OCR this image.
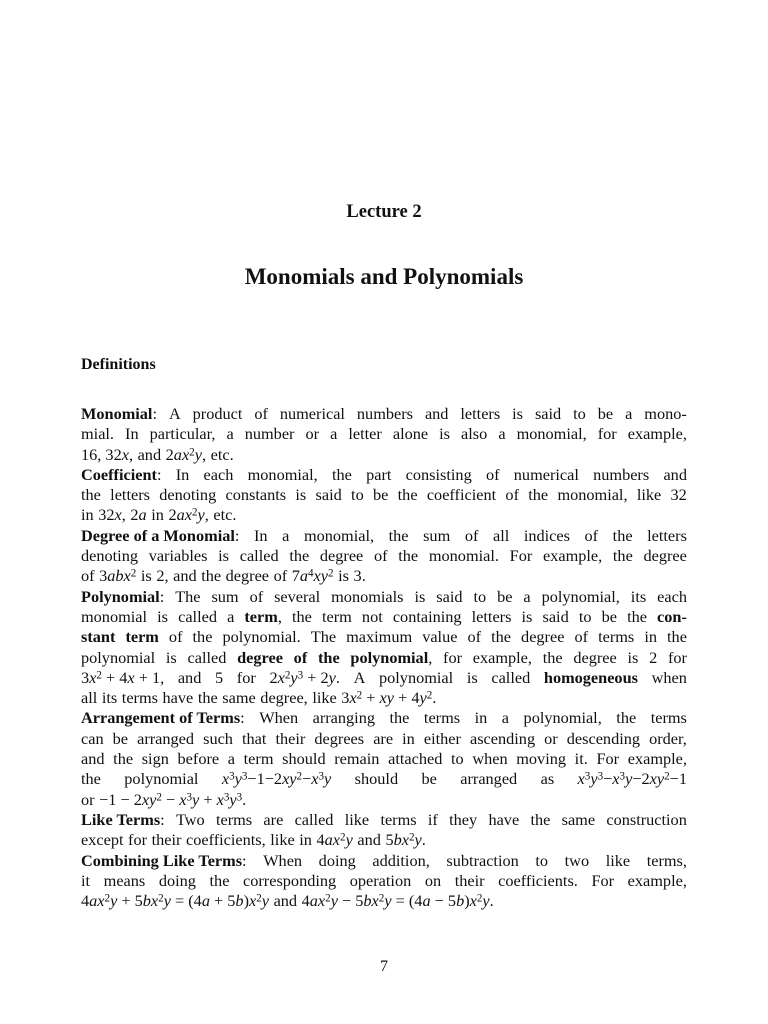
Lecture 2
Monomials and Polynomials
Definitions
Monomial: A product of numerical numbers and letters is said to be a mono-
mial. In particular, a number or a letter alone is also a monomial, for example,
16, 32x, and $2ax^2y$, etc.
Coefficient: In each monomial, the part consisting of numerical numbers and
the letters denoting constants is said to be the coefficient of the monomial, like 32
in 32x, 2a in $2ax^2y$, etc.
Degree of a Monomial: In a monomial, the sum of all indices of the letters
denoting variables is called the degree of the monomial. For example, the degree
of 3abx$^2$ is 2, and the degree of $7a^4xy^2$ is 3.
Polynomial: The sum of several monomials is said to be a polynomial, its each
monomial is called a term, the term not containing letters is said to be the con-
stant term of the polynomial. The maximum value of the degree of terms in the
polynomial is called degree of the polynomial, for example, the degree is 2 for
$3x^2 + 4x + 1$, and 5 for $2x^2y^3 + 2y$. A polynomial is called homogeneous when
all its terms have the same degree, like $3x^2$ + xy + $4y^2$.
Arrangement of Terms: When arranging the terms in a polynomial, the terms
can be arranged such that their degrees are in either ascending or descending order,
and the sign before a term should remain attached to when moving it. For example,
the polynomial $x^3y^3-1-2xy^2-x^3y$ should be arranged as $x^3y^3-x^3y-2xy^2-1$
or $-1 - 2xy^2 - x^3y + x^3y^3$.
Like Terms: Two terms are called like terms if they have the same construction
except for their coefficients, like in $4ax^2y$ and $5bx^2y$.
Combining Like Terms: When doing addition, subtraction to two like terms,
it means doing the corresponding operation on their coefficients. For example,
$4ax^2y + 5bx^2y = (4a + 5b)x^2y$ and $4ax^2y - 5bx^2y = (4a - 5b)x^2y$.
7
